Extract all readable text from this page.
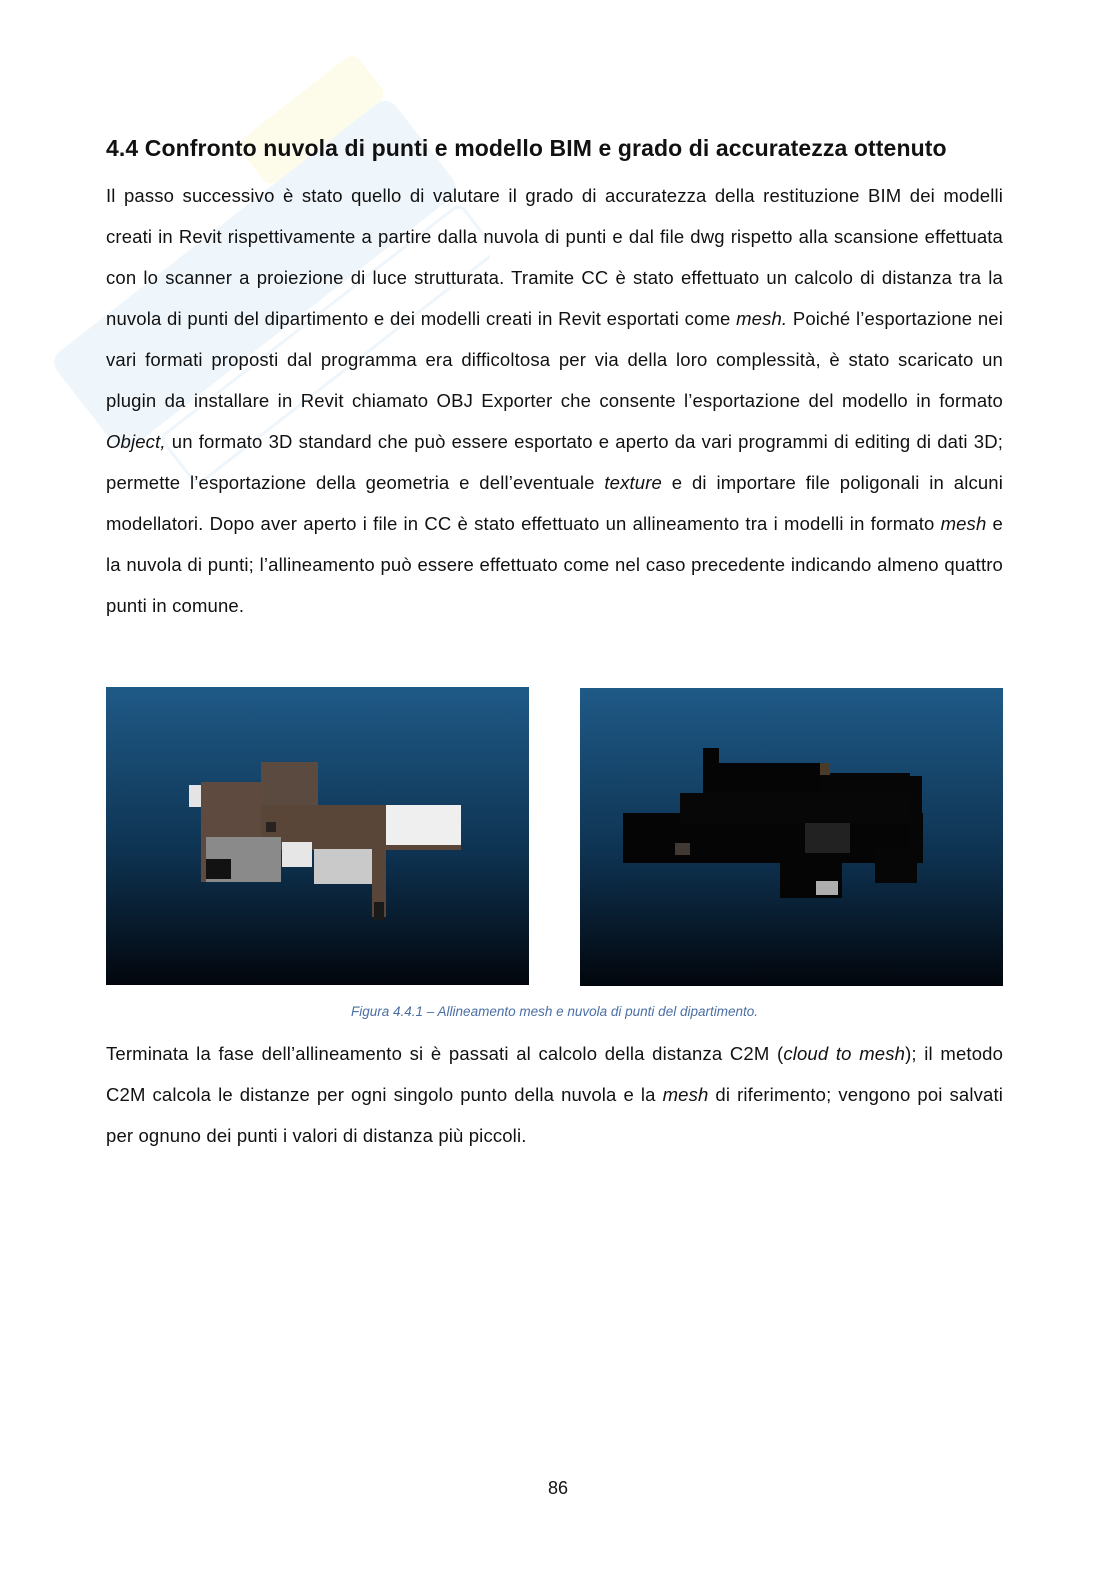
4.4 Confronto nuvola di punti e modello BIM e grado di accuratezza ottenuto

Il passo successivo è stato quello di valutare il grado di accuratezza della restituzione BIM dei modelli creati in Revit rispettivamente a partire dalla nuvola di punti e dal file dwg rispetto alla scansione effettuata con lo scanner a proiezione di luce strutturata. Tramite CC è stato effettuato un calcolo di distanza tra la nuvola di punti del dipartimento e dei modelli creati in Revit esportati come mesh. Poiché l’esportazione nei vari formati proposti dal programma era difficoltosa per via della loro complessità, è stato scaricato un plugin da installare in Revit chiamato OBJ Exporter che consente l’esportazione del modello in formato Object, un formato 3D standard che può essere esportato e aperto da vari programmi di editing di dati 3D; permette l’esportazione della geometria e dell’eventuale texture e di importare file poligonali in alcuni modellatori. Dopo aver aperto i file in CC è stato effettuato un allineamento tra i modelli in formato mesh e la nuvola di punti; l’allineamento può essere effettuato come nel caso precedente indicando almeno quattro punti in comune.

Figura 4.4.1 – Allineamento mesh e nuvola di punti del dipartimento.

Terminata la fase dell’allineamento si è passati al calcolo della distanza C2M (cloud to mesh); il metodo C2M calcola le distanze per ogni singolo punto della nuvola e la mesh di riferimento; vengono poi salvati per ognuno dei punti i valori di distanza più piccoli.

86
